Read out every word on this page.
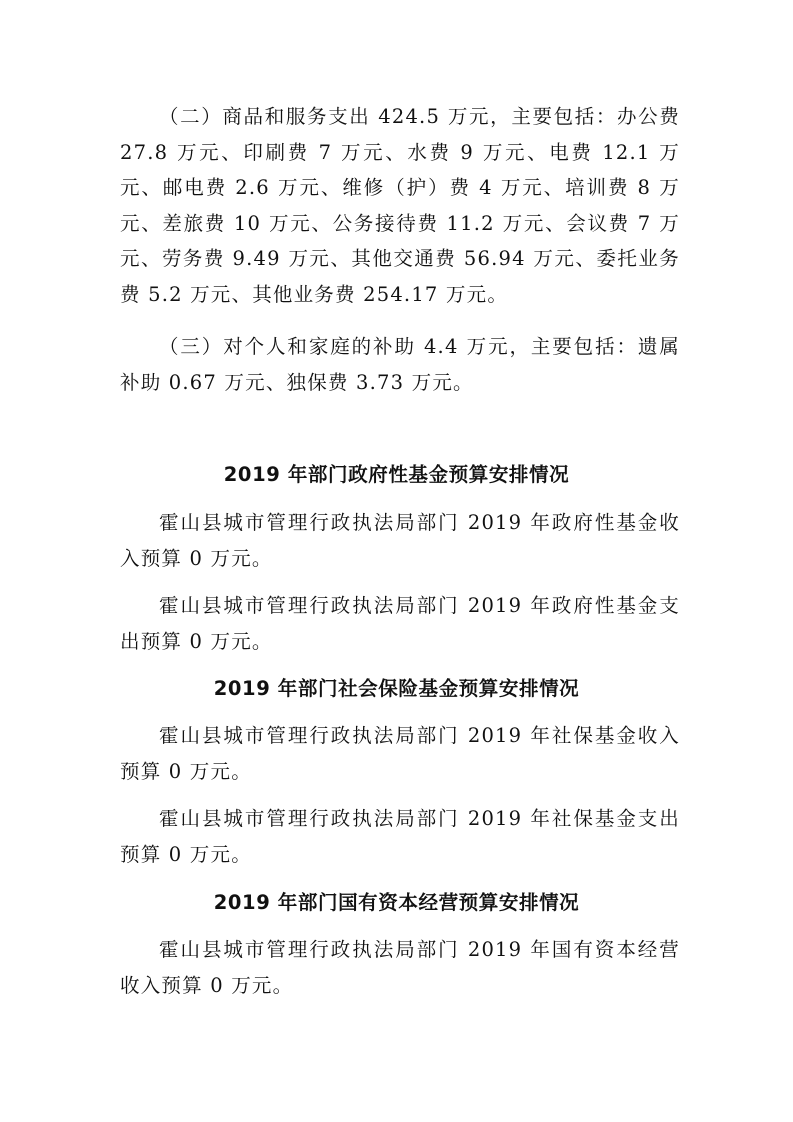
（二）商品和服务支出 424.5 万元，主要包括：办公费 27.8 万元、印刷费 7 万元、水费 9 万元、电费 12.1 万元、邮电费 2.6 万元、维修（护）费 4 万元、培训费 8 万元、差旅费 10 万元、公务接待费 11.2 万元、会议费 7 万元、劳务费 9.49 万元、其他交通费 56.94 万元、委托业务费 5.2 万元、其他业务费 254.17 万元。

（三）对个人和家庭的补助 4.4 万元，主要包括：遗属补助 0.67 万元、独保费 3.73 万元。

2019 年部门政府性基金预算安排情况

霍山县城市管理行政执法局部门 2019 年政府性基金收入预算 0 万元。

霍山县城市管理行政执法局部门 2019 年政府性基金支出预算 0 万元。

2019 年部门社会保险基金预算安排情况

霍山县城市管理行政执法局部门 2019 年社保基金收入预算 0 万元。

霍山县城市管理行政执法局部门 2019 年社保基金支出预算 0 万元。

2019 年部门国有资本经营预算安排情况

霍山县城市管理行政执法局部门 2019 年国有资本经营收入预算 0 万元。
